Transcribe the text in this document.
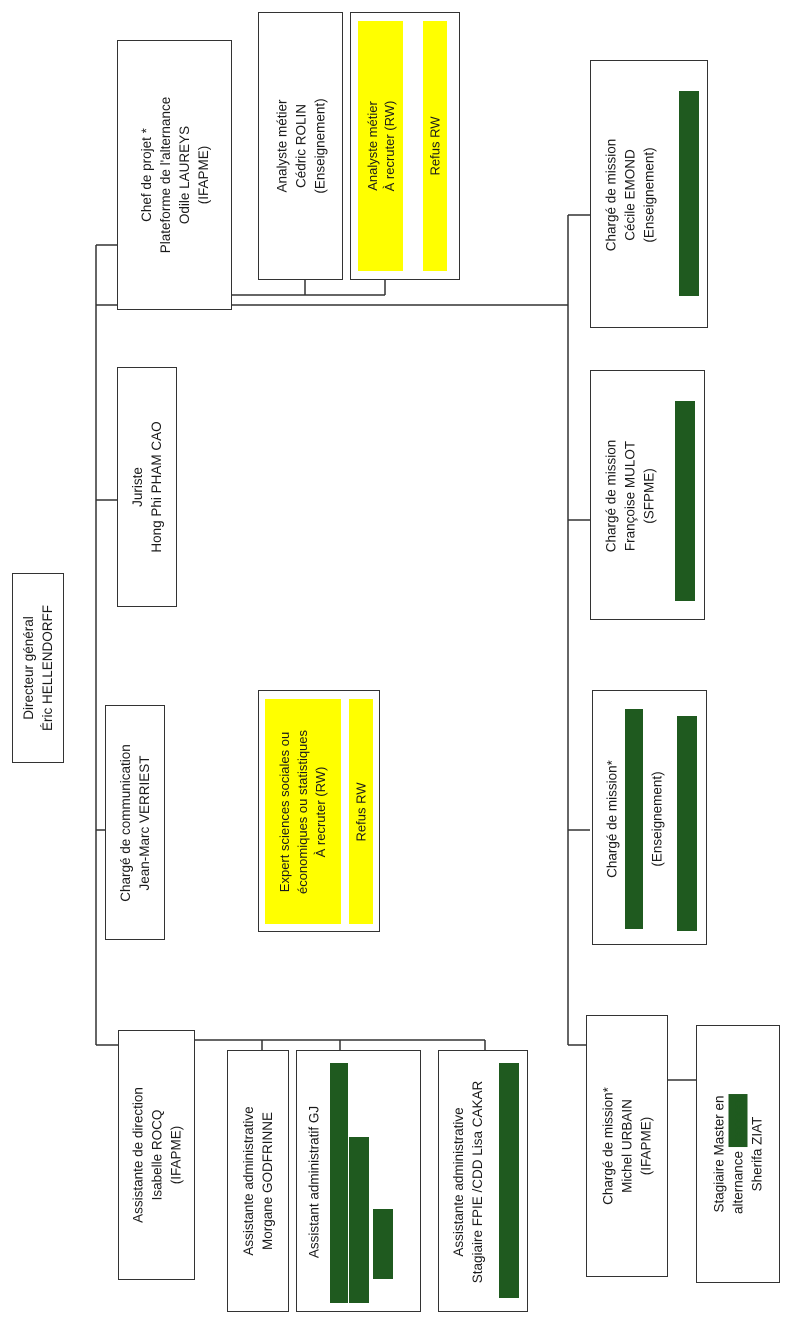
Directeur général Éric HELLENDORFF
Chef de projet * Plateforme de l'alternance Odile LAUREYS (IFAPME)	Analyste métier Cédric ROLIN (Enseignement)	Analyste métier À recruter (RW) Refus RW
Juriste Hong Phi PHAM CAO
Chargé de communication Jean-Marc VERRIEST	Expert sciences sociales ou économiques ou statistiques À recruter (RW) Refus RW
Assistante de direction Isabelle ROCQ (IFAPME)	Assistante administrative Morgane GODFRINNE Assistant administratif GJ	Assistante administrative Stagiaire FPIE /CDD Lisa CAKAR
Chargé de mission Cécile EMOND (Enseignement)
Chargé de mission Françoise MULOT (SFPME)
Chargé de mission* (Enseignement)
Chargé de mission* Michel URBAIN (IFAPME)	Stagiaire Master en alternance xxxxxxx Sherifa ZIAT
